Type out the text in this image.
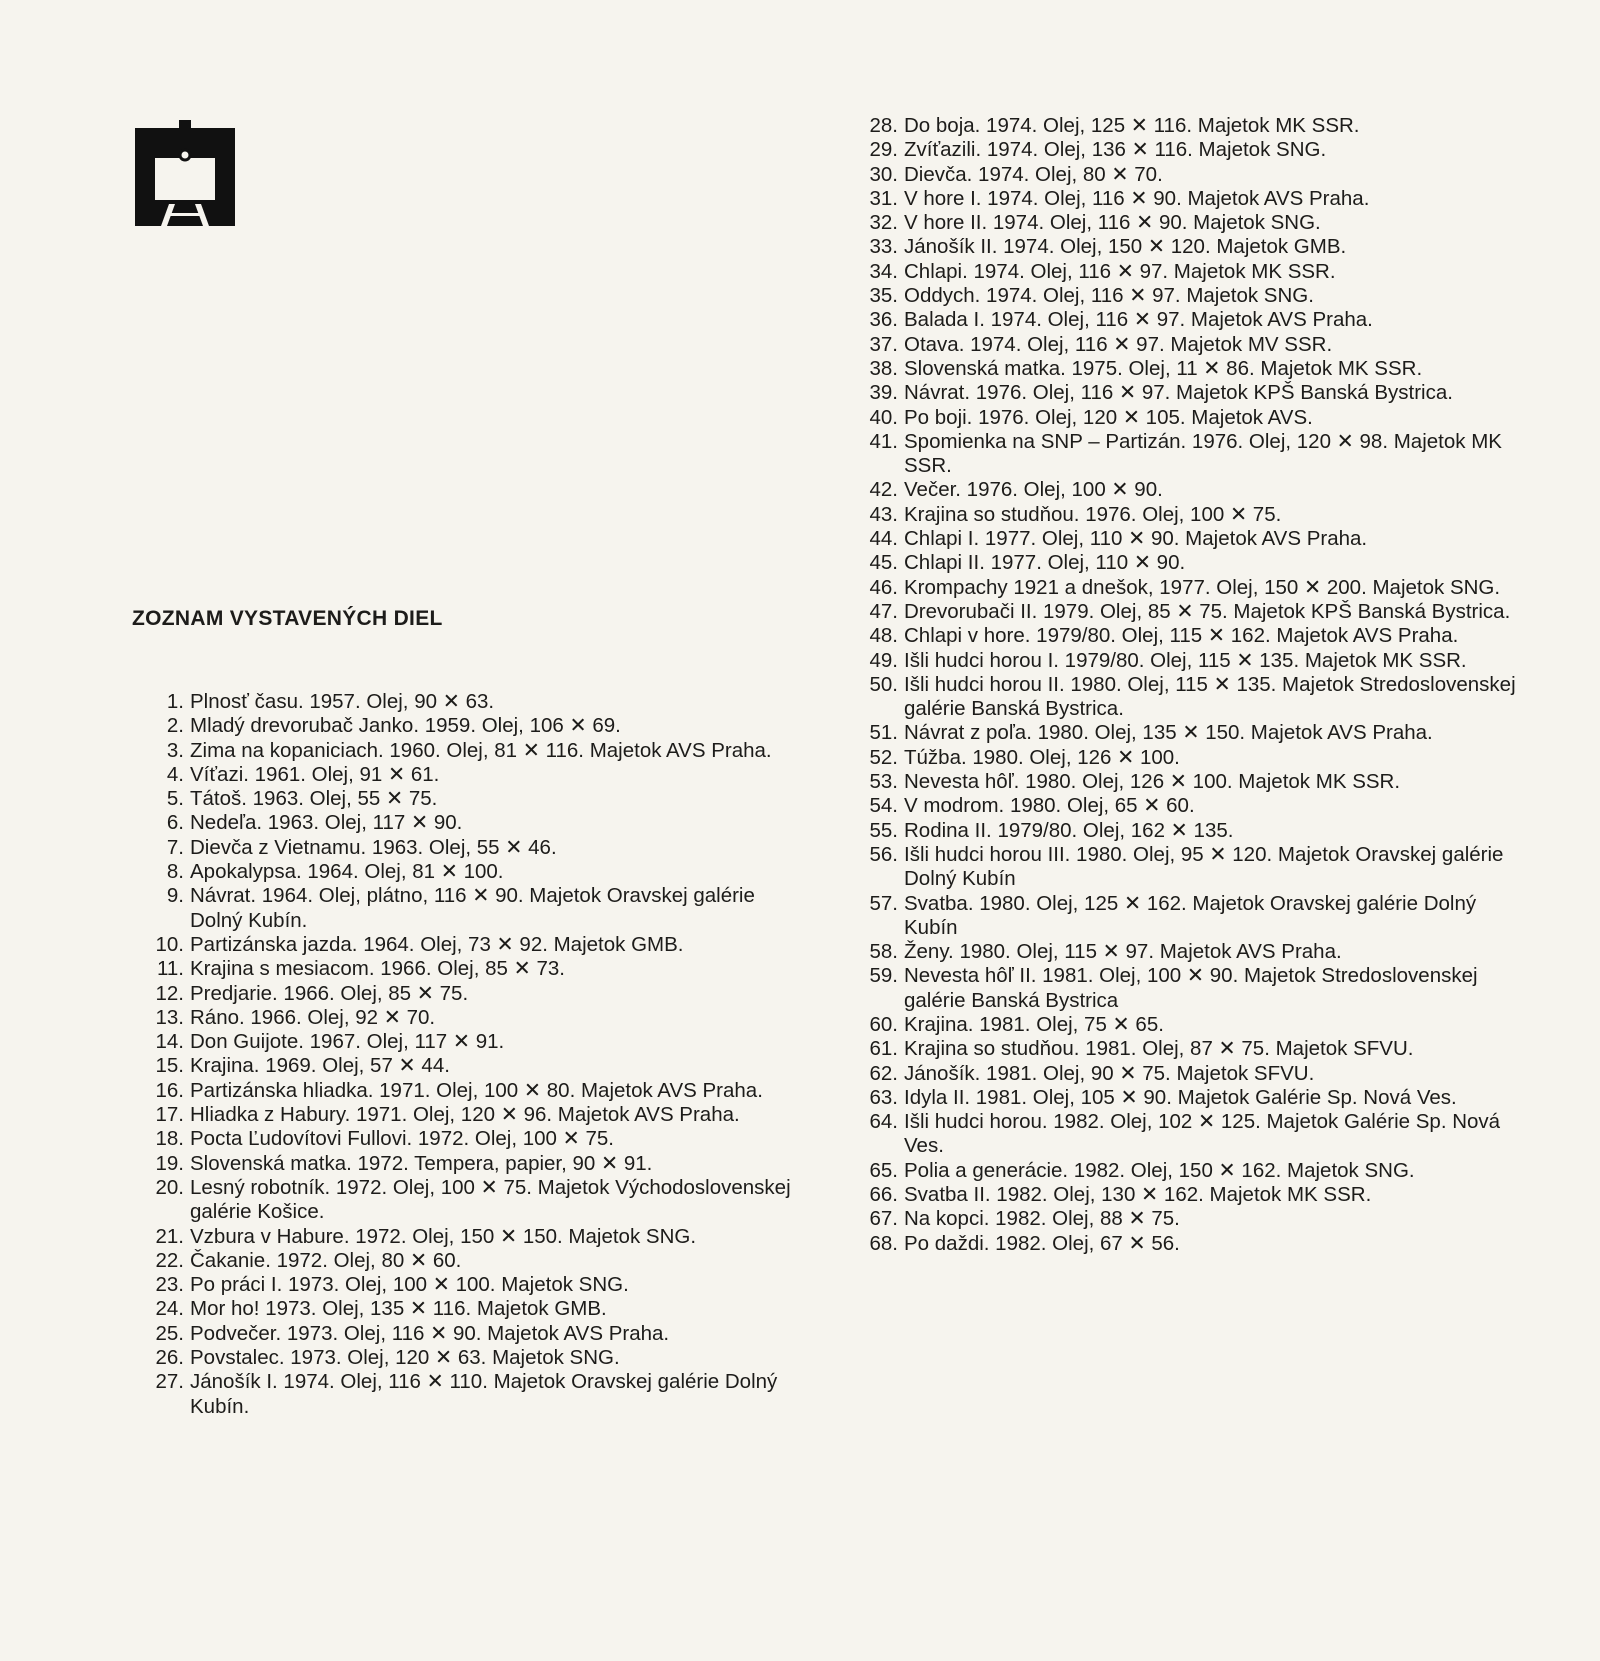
ZOZNAM VYSTAVENÝCH DIEL
1. Plnosť času. 1957. Olej, 90 ✕ 63.
2. Mladý drevorubač Janko. 1959. Olej, 106 ✕ 69.
3. Zima na kopaniciach. 1960. Olej, 81 ✕ 116. Majetok AVS Praha.
4. Víťazi. 1961. Olej, 91 ✕ 61.
5. Tátoš. 1963. Olej, 55 ✕ 75.
6. Nedeľa. 1963. Olej, 117 ✕ 90.
7. Dievča z Vietnamu. 1963. Olej, 55 ✕ 46.
8. Apokalypsa. 1964. Olej, 81 ✕ 100.
9. Návrat. 1964. Olej, plátno, 116 ✕ 90. Majetok Oravskej galérie Dolný Kubín.
10. Partizánska jazda. 1964. Olej, 73 ✕ 92. Majetok GMB.
11. Krajina s mesiacom. 1966. Olej, 85 ✕ 73.
12. Predjarie. 1966. Olej, 85 ✕ 75.
13. Ráno. 1966. Olej, 92 ✕ 70.
14. Don Guijote. 1967. Olej, 117 ✕ 91.
15. Krajina. 1969. Olej, 57 ✕ 44.
16. Partizánska hliadka. 1971. Olej, 100 ✕ 80. Majetok AVS Praha.
17. Hliadka z Habury. 1971. Olej, 120 ✕ 96. Majetok AVS Praha.
18. Pocta Ľudovítovi Fullovi. 1972. Olej, 100 ✕ 75.
19. Slovenská matka. 1972. Tempera, papier, 90 ✕ 91.
20. Lesný robotník. 1972. Olej, 100 ✕ 75. Majetok Východoslovenskej galérie Košice.
21. Vzbura v Habure. 1972. Olej, 150 ✕ 150. Majetok SNG.
22. Čakanie. 1972. Olej, 80 ✕ 60.
23. Po práci I. 1973. Olej, 100 ✕ 100. Majetok SNG.
24. Mor ho! 1973. Olej, 135 ✕ 116. Majetok GMB.
25. Podvečer. 1973. Olej, 116 ✕ 90. Majetok AVS Praha.
26. Povstalec. 1973. Olej, 120 ✕ 63. Majetok SNG.
27. Jánošík I. 1974. Olej, 116 ✕ 110. Majetok Oravskej galérie Dolný Kubín.
28. Do boja. 1974. Olej, 125 ✕ 116. Majetok MK SSR.
29. Zvíťazili. 1974. Olej, 136 ✕ 116. Majetok SNG.
30. Dievča. 1974. Olej, 80 ✕ 70.
31. V hore I. 1974. Olej, 116 ✕ 90. Majetok AVS Praha.
32. V hore II. 1974. Olej, 116 ✕ 90. Majetok SNG.
33. Jánošík II. 1974. Olej, 150 ✕ 120. Majetok GMB.
34. Chlapi. 1974. Olej, 116 ✕ 97. Majetok MK SSR.
35. Oddych. 1974. Olej, 116 ✕ 97. Majetok SNG.
36. Balada I. 1974. Olej, 116 ✕ 97. Majetok AVS Praha.
37. Otava. 1974. Olej, 116 ✕ 97. Majetok MV SSR.
38. Slovenská matka. 1975. Olej, 11 ✕ 86. Majetok MK SSR.
39. Návrat. 1976. Olej, 116 ✕ 97. Majetok KPŠ Banská Bystrica.
40. Po boji. 1976. Olej, 120 ✕ 105. Majetok AVS.
41. Spomienka na SNP – Partizán. 1976. Olej, 120 ✕ 98. Majetok MK SSR.
42. Večer. 1976. Olej, 100 ✕ 90.
43. Krajina so studňou. 1976. Olej, 100 ✕ 75.
44. Chlapi I. 1977. Olej, 110 ✕ 90. Majetok AVS Praha.
45. Chlapi II. 1977. Olej, 110 ✕ 90.
46. Krompachy 1921 a dnešok, 1977. Olej, 150 ✕ 200. Majetok SNG.
47. Drevorubači II. 1979. Olej, 85 ✕ 75. Majetok KPŠ Banská Bystrica.
48. Chlapi v hore. 1979/80. Olej, 115 ✕ 162. Majetok AVS Praha.
49. Išli hudci horou I. 1979/80. Olej, 115 ✕ 135. Majetok MK SSR.
50. Išli hudci horou II. 1980. Olej, 115 ✕ 135. Majetok Stredoslovenskej galérie Banská Bystrica.
51. Návrat z poľa. 1980. Olej, 135 ✕ 150. Majetok AVS Praha.
52. Túžba. 1980. Olej, 126 ✕ 100.
53. Nevesta hôľ. 1980. Olej, 126 ✕ 100. Majetok MK SSR.
54. V modrom. 1980. Olej, 65 ✕ 60.
55. Rodina II. 1979/80. Olej, 162 ✕ 135.
56. Išli hudci horou III. 1980. Olej, 95 ✕ 120. Majetok Oravskej galérie Dolný Kubín
57. Svatba. 1980. Olej, 125 ✕ 162. Majetok Oravskej galérie Dolný Kubín
58. Ženy. 1980. Olej, 115 ✕ 97. Majetok AVS Praha.
59. Nevesta hôľ II. 1981. Olej, 100 ✕ 90. Majetok Stredoslovenskej galérie Banská Bystrica
60. Krajina. 1981. Olej, 75 ✕ 65.
61. Krajina so studňou. 1981. Olej, 87 ✕ 75. Majetok SFVU.
62. Jánošík. 1981. Olej, 90 ✕ 75. Majetok SFVU.
63. Idyla II. 1981. Olej, 105 ✕ 90. Majetok Galérie Sp. Nová Ves.
64. Išli hudci horou. 1982. Olej, 102 ✕ 125. Majetok Galérie Sp. Nová Ves.
65. Polia a generácie. 1982. Olej, 150 ✕ 162. Majetok SNG.
66. Svatba II. 1982. Olej, 130 ✕ 162. Majetok MK SSR.
67. Na kopci. 1982. Olej, 88 ✕ 75.
68. Po daždi. 1982. Olej, 67 ✕ 56.
